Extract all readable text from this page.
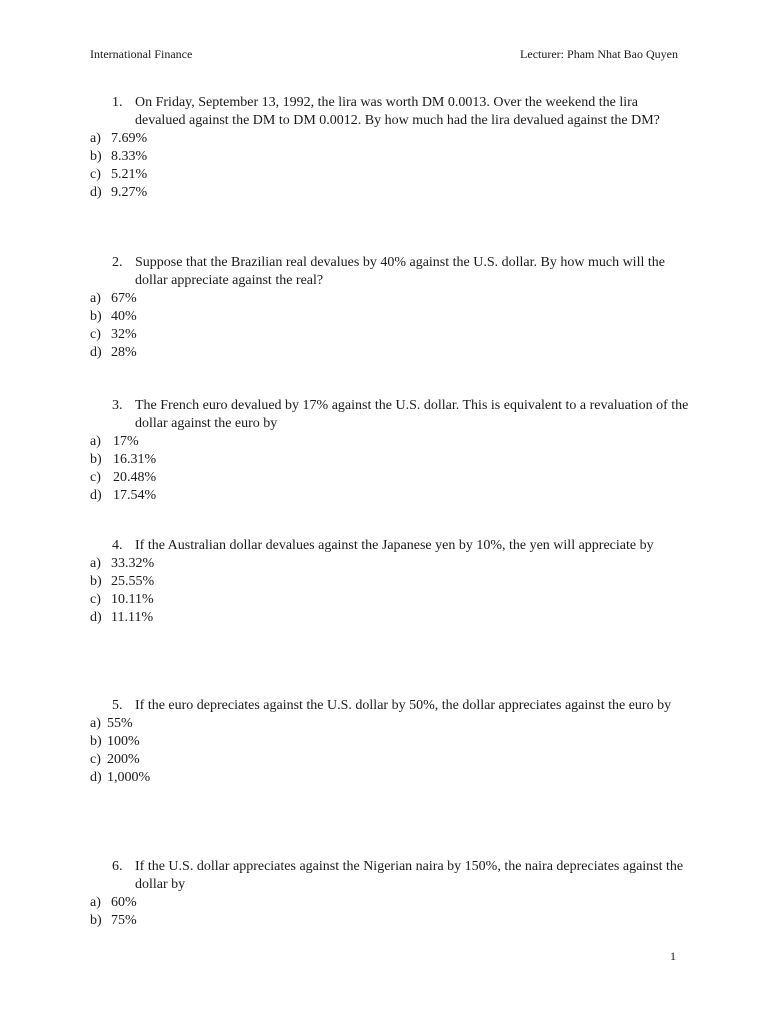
International Finance	Lecturer: Pham Nhat Bao Quyen
1. On Friday, September 13, 1992, the lira was worth DM 0.0013. Over the weekend the lira devalued against the DM to DM 0.0012. By how much had the lira devalued against the DM?
a) 7.69%
b) 8.33%
c) 5.21%
d) 9.27%
2. Suppose that the Brazilian real devalues by 40% against the U.S. dollar. By how much will the dollar appreciate against the real?
a) 67%
b) 40%
c) 32%
d) 28%
3. The French euro devalued by 17% against the U.S. dollar. This is equivalent to a revaluation of the dollar against the euro by
a) 17%
b) 16.31%
c) 20.48%
d) 17.54%
4. If the Australian dollar devalues against the Japanese yen by 10%, the yen will appreciate by
a) 33.32%
b) 25.55%
c) 10.11%
d) 11.11%
5. If the euro depreciates against the U.S. dollar by 50%, the dollar appreciates against the euro by
a) 55%
b) 100%
c) 200%
d) 1,000%
6. If the U.S. dollar appreciates against the Nigerian naira by 150%, the naira depreciates against the dollar by
a) 60%
b) 75%
1
